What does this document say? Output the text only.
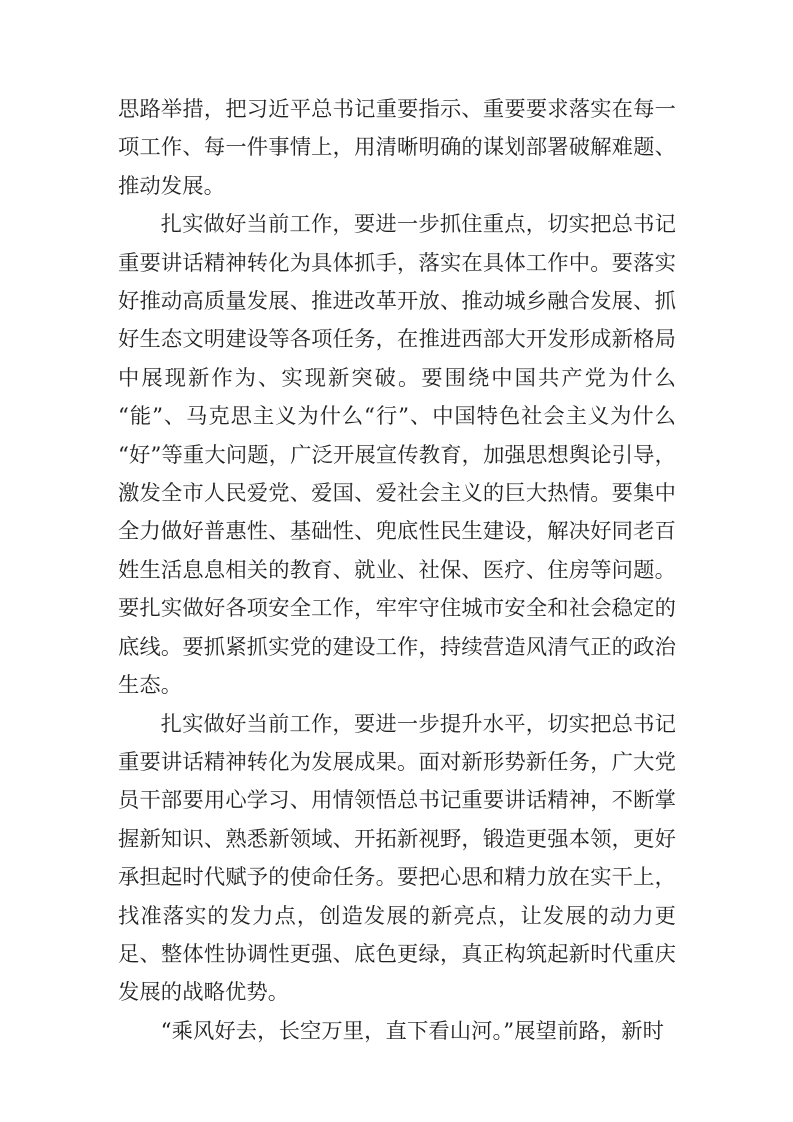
思路举措，把习近平总书记重要指示、重要要求落实在每一项工作、每一件事情上，用清晰明确的谋划部署破解难题、推动发展。

扎实做好当前工作，要进一步抓住重点，切实把总书记重要讲话精神转化为具体抓手，落实在具体工作中。要落实好推动高质量发展、推进改革开放、推动城乡融合发展、抓好生态文明建设等各项任务，在推进西部大开发形成新格局中展现新作为、实现新突破。要围绕中国共产党为什么“能”、马克思主义为什么“行”、中国特色社会主义为什么“好”等重大问题，广泛开展宣传教育，加强思想舆论引导，激发全市人民爱党、爱国、爱社会主义的巨大热情。要集中全力做好普惠性、基础性、兜底性民生建设，解决好同老百姓生活息息相关的教育、就业、社保、医疗、住房等问题。要扎实做好各项安全工作，牢牢守住城市安全和社会稳定的底线。要抓紧抓实党的建设工作，持续营造风清气正的政治生态。

扎实做好当前工作，要进一步提升水平，切实把总书记重要讲话精神转化为发展成果。面对新形势新任务，广大党员干部要用心学习、用情领悟总书记重要讲话精神，不断掌握新知识、熟悉新领域、开拓新视野，锻造更强本领，更好承担起时代赋予的使命任务。要把心思和精力放在实干上，找准落实的发力点，创造发展的新亮点，让发展的动力更足、整体性协调性更强、底色更绿，真正构筑起新时代重庆发展的战略优势。

“乘风好去，长空万里，直下看山河。”展望前路，新时
